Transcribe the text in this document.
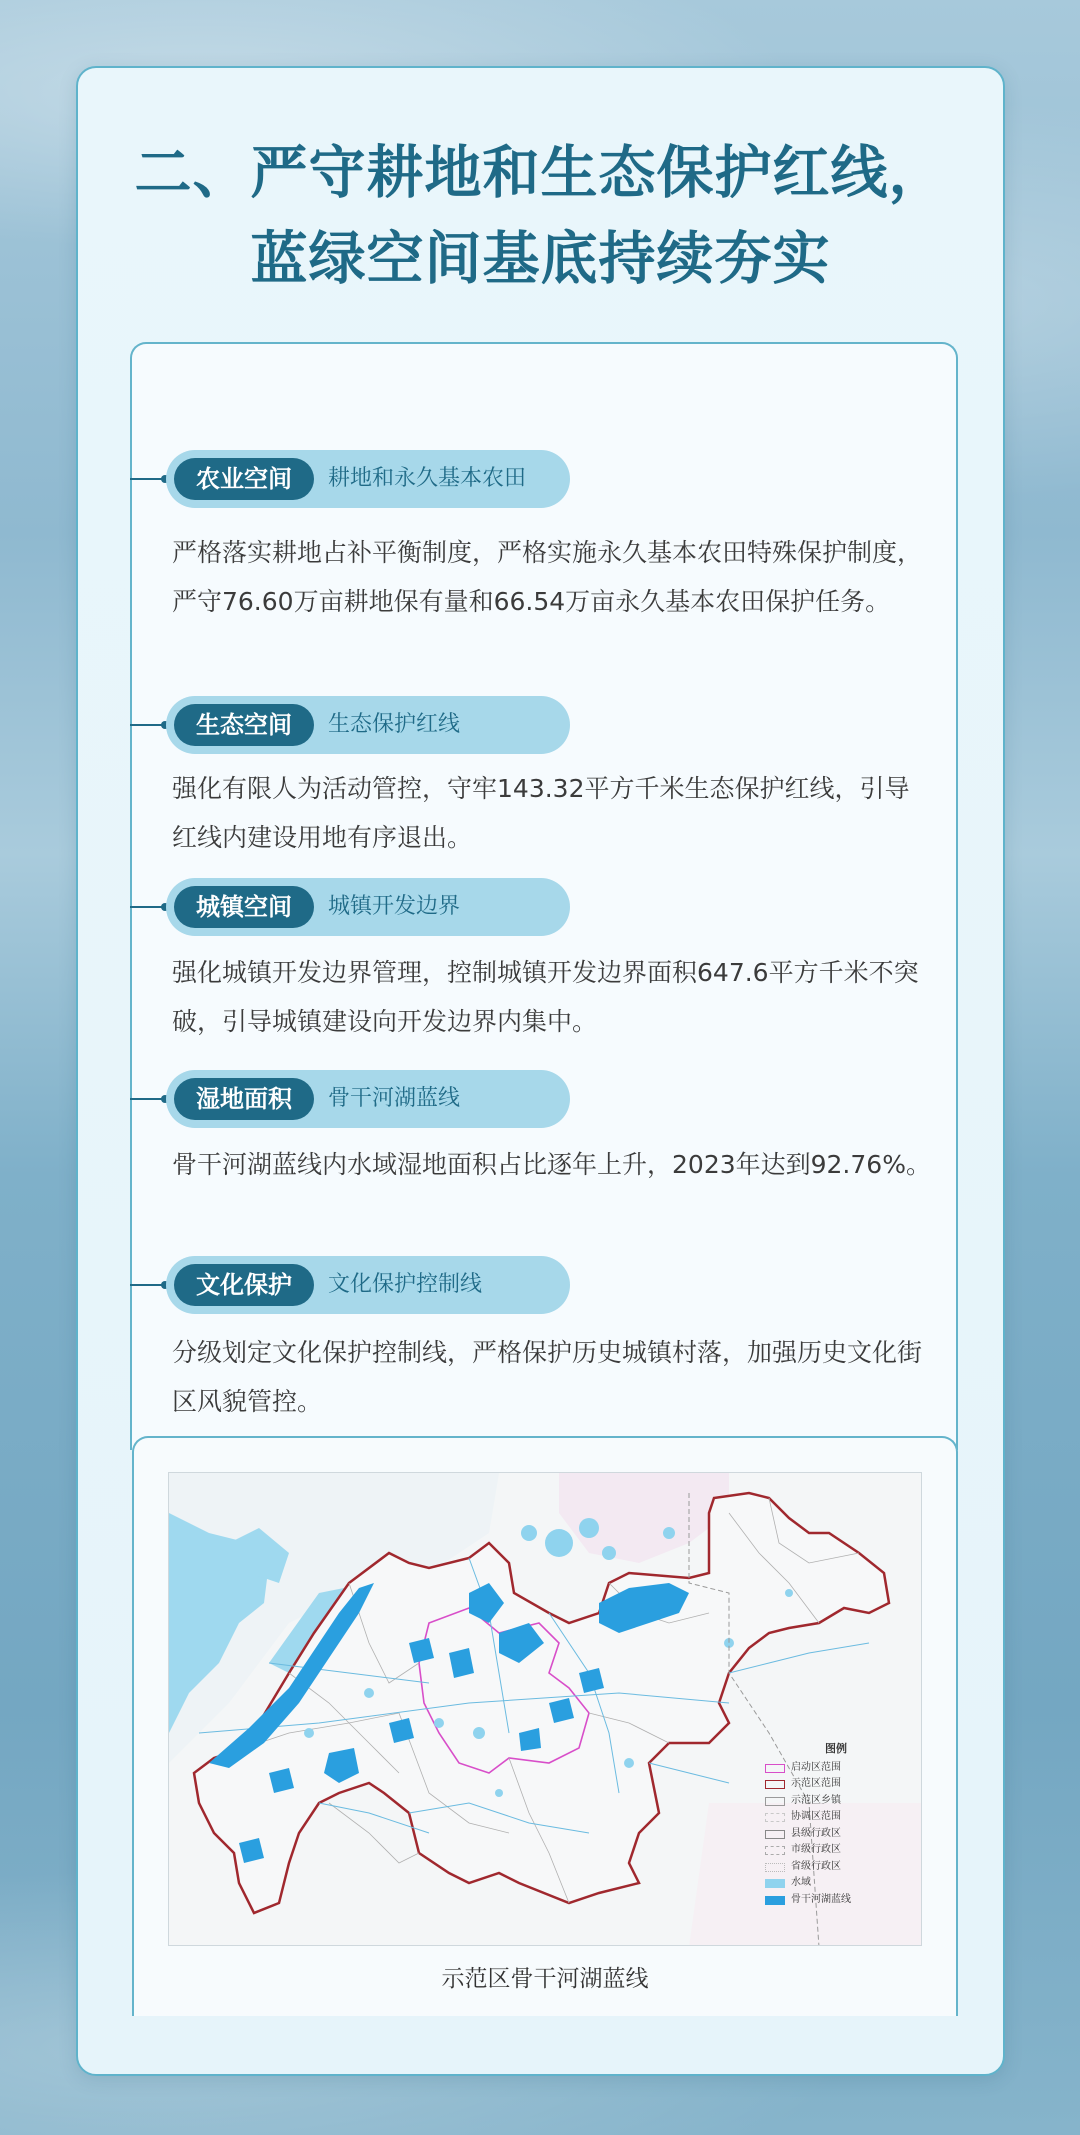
二、严守耕地和生态保护红线，
蓝绿空间基底持续夯实
农业空间	耕地和永久基本农田
严格落实耕地占补平衡制度，严格实施永久基本农田特殊保护制度，严守76.60万亩耕地保有量和66.54万亩永久基本农田保护任务。
生态空间	生态保护红线
强化有限人为活动管控，守牢143.32平方千米生态保护红线，引导红线内建设用地有序退出。
城镇空间	城镇开发边界
强化城镇开发边界管理，控制城镇开发边界面积647.6平方千米不突破，引导城镇建设向开发边界内集中。
湿地面积	骨干河湖蓝线
骨干河湖蓝线内水域湿地面积占比逐年上升，2023年达到92.76%。
文化保护	文化保护控制线
分级划定文化保护控制线，严格保护历史城镇村落，加强历史文化街区风貌管控。
图例
启动区范围
示范区范围
示范区乡镇
协调区范围
县级行政区
市级行政区
省级行政区
水域
骨干河湖蓝线
示范区骨干河湖蓝线
